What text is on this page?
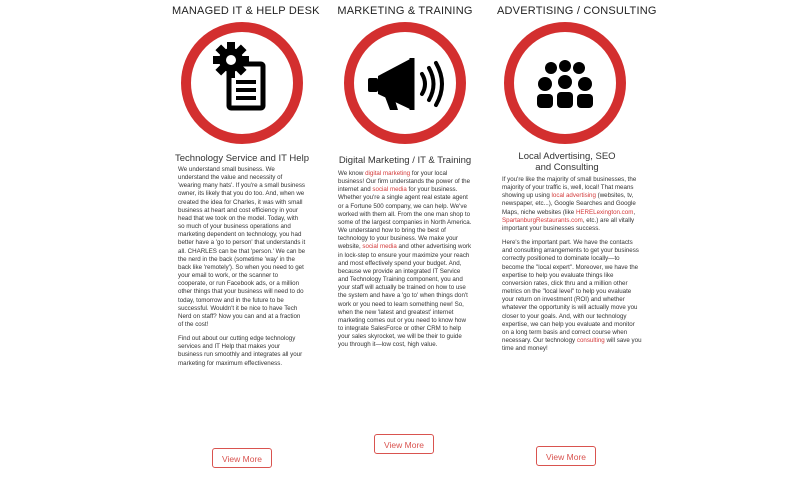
MANAGED IT & HELP DESK
Technology Service and IT Help

We understand small business. We understand the value and necessity of 'wearing many hats'. If you're a small business owner, its likely that you do too. And, when we created the idea for Charles, it was with small business at heart and cost efficiency in your head that we took on the model. Today, with so much of your business operations and marketing dependent on technology, you had better have a 'go to person' that understands it all. CHARLES can be that 'person.' We can be the nerd in the back (sometime 'way' in the back like 'remotely'). So when you need to get your email to work, or the scanner to cooperate, or run Facebook ads, or a million other things that your business will need to do today, tomorrow and in the future to be successful. Wouldn't it be nice to have Tech Nerd on staff? Now you can and at a fraction of the cost!

Find out about our cutting edge technology services and IT Help that makes your business run smoothly and integrates all your marketing for maximum effectiveness.

View More
MARKETING & TRAINING
Digital Marketing / IT & Training

We know digital marketing for your local business! Our firm understands the power of the internet and social media for your business. Whether you're a single agent real estate agent or a Fortune 500 company, we can help. We've worked with them all. From the one man shop to some of the largest companies in North America. We understand how to bring the best of technology to your business. We make your website, social media and other advertising work in lock-step to ensure your maximize your reach and most effectively spend your budget. And, because we provide an integrated IT Service and Technology Training component, you and your staff will actually be trained on how to use the system and have a 'go to' when things don't work or you need to learn something new! So, when the new 'latest and greatest' internet marketing comes out or you need to know how to integrate SalesForce or other CRM to help your sales skyrocket, we will be their to guide you through it—low cost, high value.

View More
ADVERTISING / CONSULTING
Local Advertising, SEO and Consulting

If you're like the majority of small businesses, the majority of your traffic is, well, local! That means showing up using local advertising (websites, tv, newspaper, etc...), Google Searches and Google Maps, niche websites (like HERELexington.com, SpartanburgRestaurants.com, etc.) are all vitally important your businesses success.

Here's the important part. We have the contacts and consulting arrangements to get your business correctly positioned to dominate locally—to become the "local expert". Moreover, we have the expertise to help you evaluate things like conversion rates, click thru and a million other metrics on the "local level" to help you evaluate your return on investment (ROI) and whether whatever the opportunity is will actually move you closer to your goals. And, with our technology expertise, we can help you evaluate and monitor on a long term basis and correct course when necessary. Our technology consulting will save you time and money!

View More
